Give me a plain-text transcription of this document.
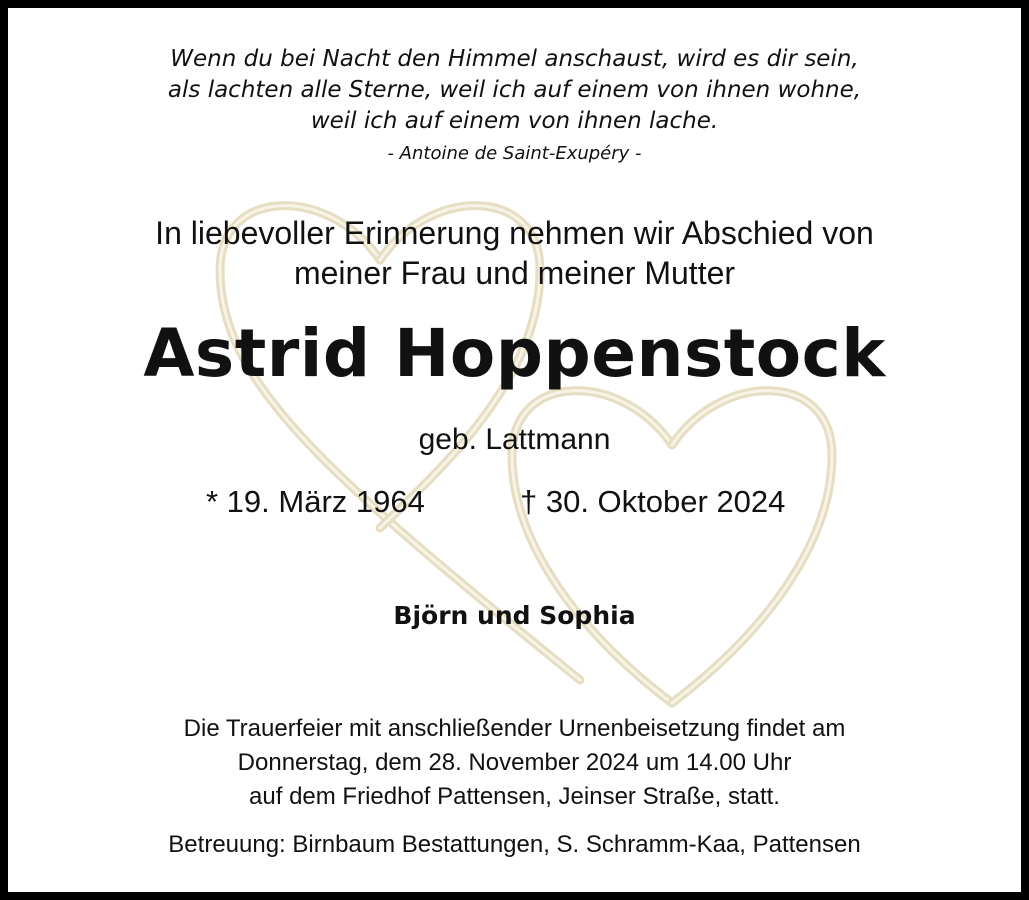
Wenn du bei Nacht den Himmel anschaust, wird es dir sein,
als lachten alle Sterne, weil ich auf einem von ihnen wohne,
weil ich auf einem von ihnen lache.
- Antoine de Saint-Exupéry -
In liebevoller Erinnerung nehmen wir Abschied von
meiner Frau und meiner Mutter
Astrid Hoppenstock
geb. Lattmann
* 19. März 1964	† 30. Oktober 2024
Björn und Sophia
Die Trauerfeier mit anschließender Urnenbeisetzung findet am
Donnerstag, dem 28. November 2024 um 14.00 Uhr
auf dem Friedhof Pattensen, Jeinser Straße, statt.
Betreuung: Birnbaum Bestattungen, S. Schramm-Kaa, Pattensen
